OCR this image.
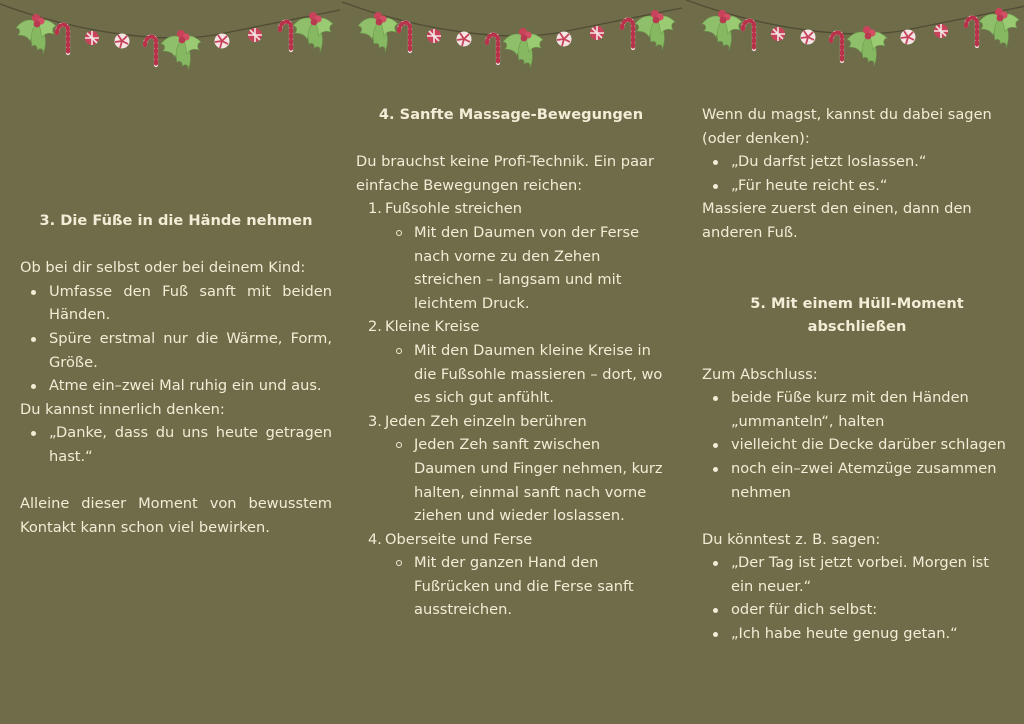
3. Die Füße in die Hände nehmen

Ob bei dir selbst oder bei deinem Kind:

Umfasse den Fuß sanft mit beiden Händen.
Spüre erstmal nur die Wärme, Form, Größe.
Atme ein–zwei Mal ruhig ein und aus.

Du kannst innerlich denken:

„Danke, dass du uns heute getragen hast.“

Alleine dieser Moment von bewusstem Kontakt kann schon viel bewirken.

4. Sanfte Massage-Bewegungen

Du brauchst keine Profi-Technik. Ein paar einfache Bewegungen reichen:

1. Fußsohle streichen
Mit den Daumen von der Ferse nach vorne zu den Zehen streichen – langsam und mit leichtem Druck.
2. Kleine Kreise
Mit den Daumen kleine Kreise in die Fußsohle massieren – dort, wo es sich gut anfühlt.
3. Jeden Zeh einzeln berühren
Jeden Zeh sanft zwischen Daumen und Finger nehmen, kurz halten, einmal sanft nach vorne ziehen und wieder loslassen.
4. Oberseite und Ferse
Mit der ganzen Hand den Fußrücken und die Ferse sanft ausstreichen.

Wenn du magst, kannst du dabei sagen (oder denken):

„Du darfst jetzt loslassen.“
„Für heute reicht es.“

Massiere zuerst den einen, dann den anderen Fuß.

5. Mit einem Hüll-Moment abschließen

Zum Abschluss:

beide Füße kurz mit den Händen „ummanteln“, halten
vielleicht die Decke darüber schlagen
noch ein–zwei Atemzüge zusammen nehmen

Du könntest z. B. sagen:

„Der Tag ist jetzt vorbei. Morgen ist ein neuer.“
oder für dich selbst:
„Ich habe heute genug getan.“
